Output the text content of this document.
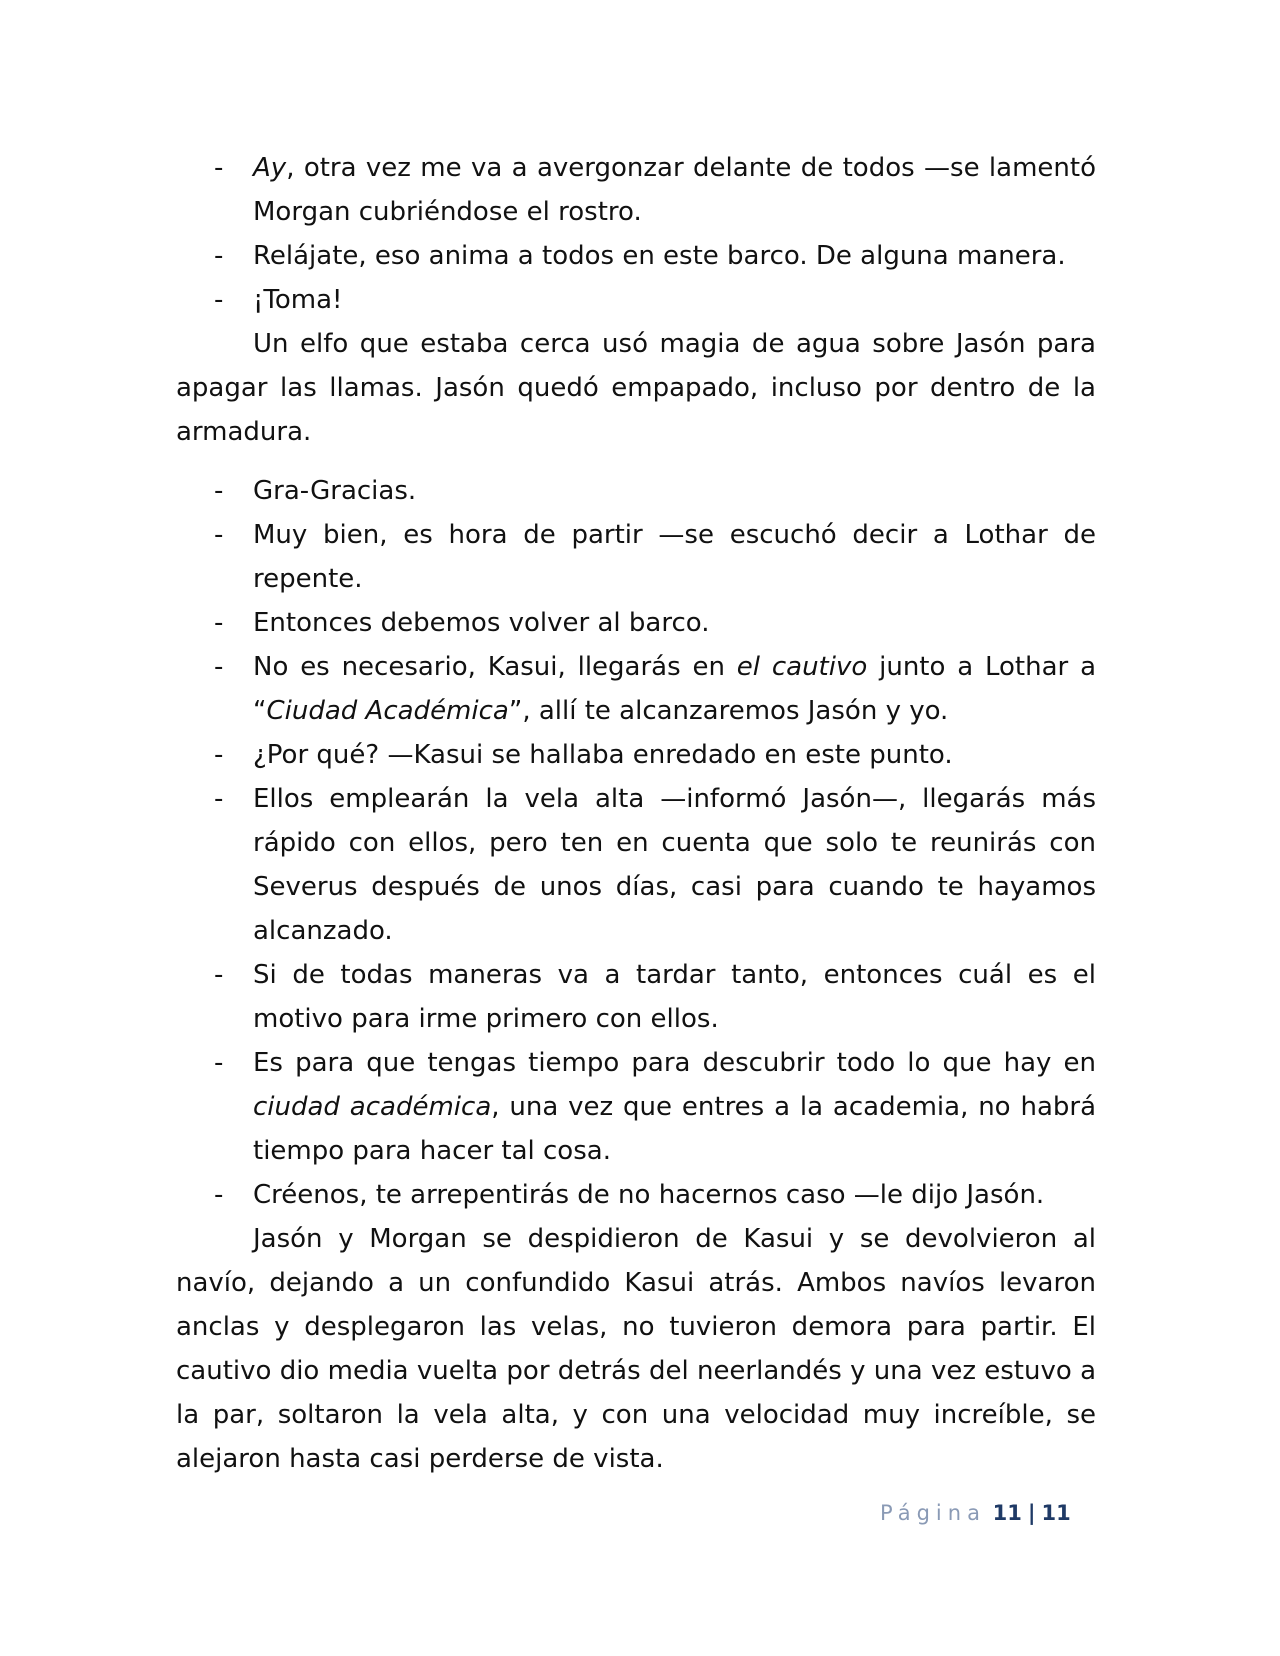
- Ay, otra vez me va a avergonzar delante de todos —se lamentó Morgan cubriéndose el rostro.
- Relájate, eso anima a todos en este barco. De alguna manera.
- ¡Toma!
Un elfo que estaba cerca usó magia de agua sobre Jasón para apagar las llamas. Jasón quedó empapado, incluso por dentro de la armadura.
- Gra-Gracias.
- Muy bien, es hora de partir —se escuchó decir a Lothar de repente.
- Entonces debemos volver al barco.
- No es necesario, Kasui, llegarás en el cautivo junto a Lothar a “Ciudad Académica”, allí te alcanzaremos Jasón y yo.
- ¿Por qué? —Kasui se hallaba enredado en este punto.
- Ellos emplearán la vela alta —informó Jasón—, llegarás más rápido con ellos, pero ten en cuenta que solo te reunirás con Severus después de unos días, casi para cuando te hayamos alcanzado.
- Si de todas maneras va a tardar tanto, entonces cuál es el motivo para irme primero con ellos.
- Es para que tengas tiempo para descubrir todo lo que hay en ciudad académica, una vez que entres a la academia, no habrá tiempo para hacer tal cosa.
- Créenos, te arrepentirás de no hacernos caso —le dijo Jasón.
Jasón y Morgan se despidieron de Kasui y se devolvieron al navío, dejando a un confundido Kasui atrás. Ambos navíos levaron anclas y desplegaron las velas, no tuvieron demora para partir. El cautivo dio media vuelta por detrás del neerlandés y una vez estuvo a la par, soltaron la vela alta, y con una velocidad muy increíble, se alejaron hasta casi perderse de vista.
Página 11 | 11
